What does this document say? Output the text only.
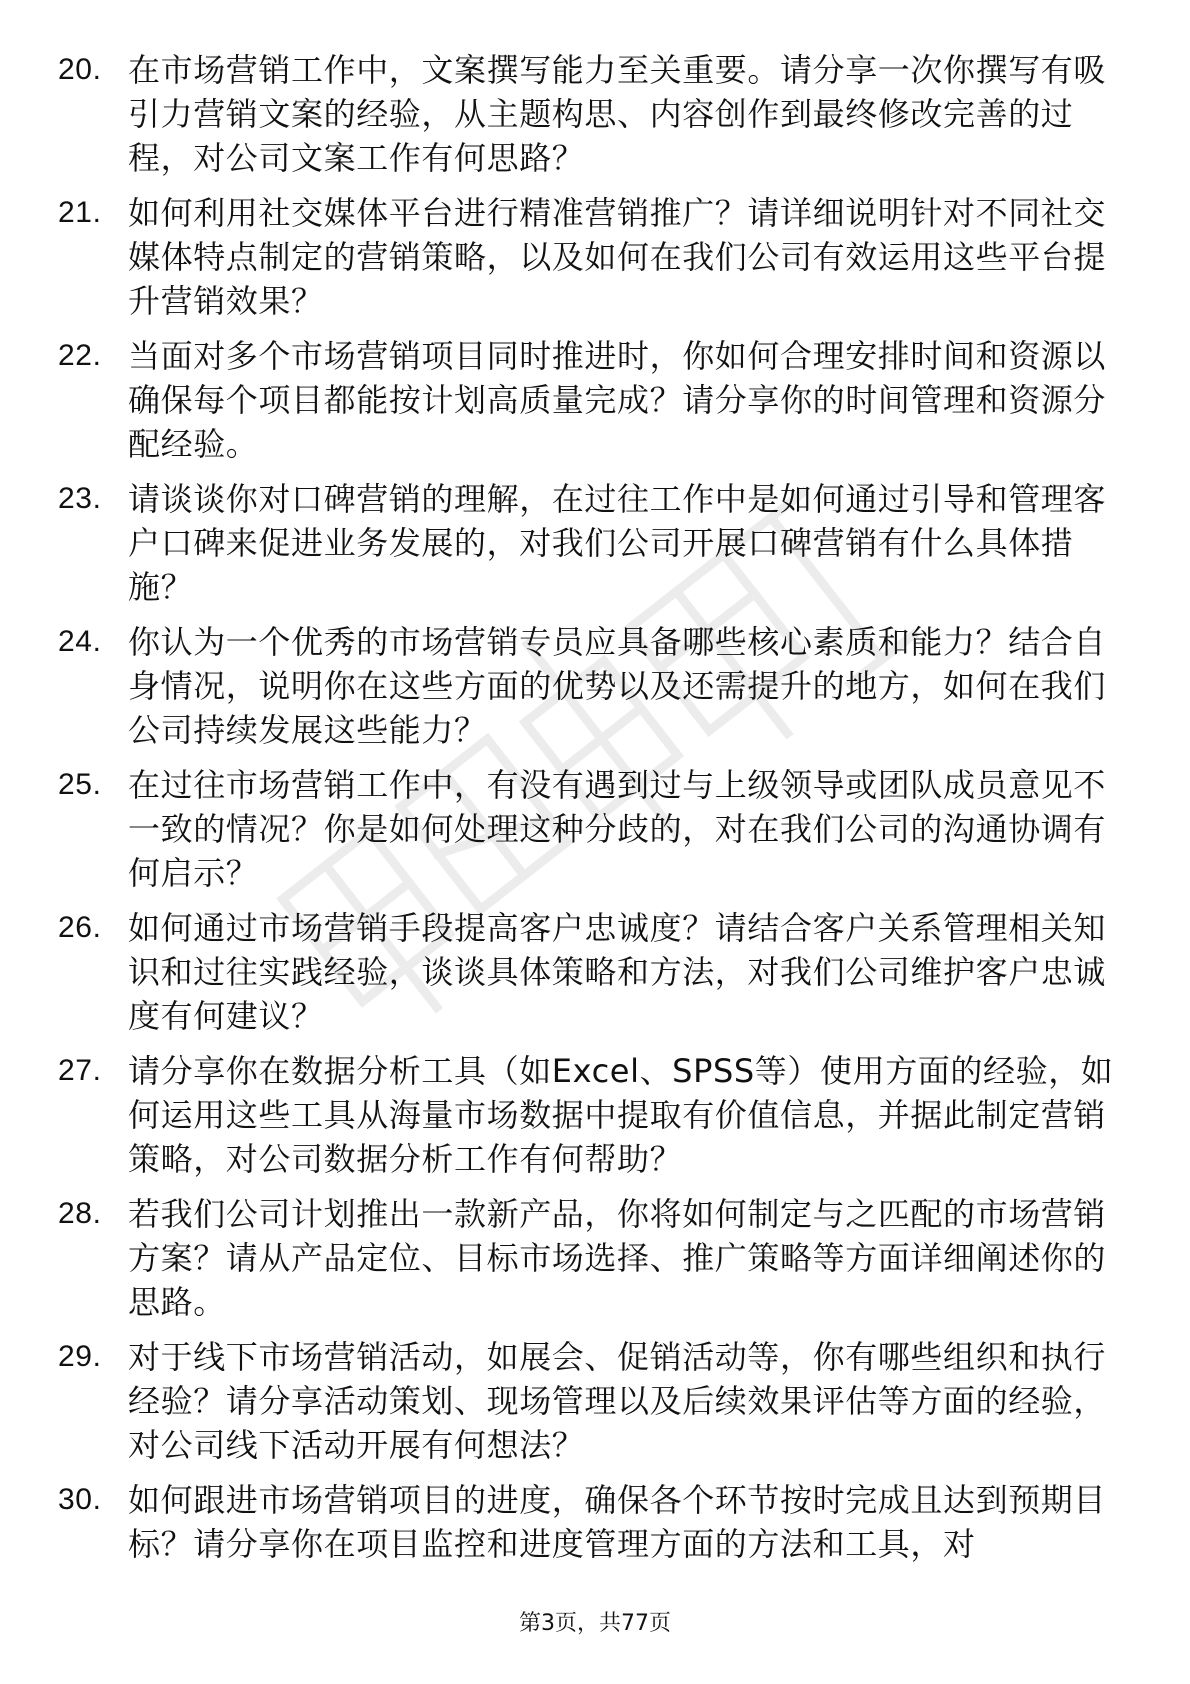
20. 在市场营销工作中，文案撰写能力至关重要。请分享一次你撰写有吸引力营销文案的经验，从主题构思、内容创作到最终修改完善的过程，对公司文案工作有何思路？
21. 如何利用社交媒体平台进行精准营销推广？请详细说明针对不同社交媒体特点制定的营销策略，以及如何在我们公司有效运用这些平台提升营销效果？
22. 当面对多个市场营销项目同时推进时，你如何合理安排时间和资源以确保每个项目都能按计划高质量完成？请分享你的时间管理和资源分配经验。
23. 请谈谈你对口碑营销的理解，在过往工作中是如何通过引导和管理客户口碑来促进业务发展的，对我们公司开展口碑营销有什么具体措施？
24. 你认为一个优秀的市场营销专员应具备哪些核心素质和能力？结合自身情况，说明你在这些方面的优势以及还需提升的地方，如何在我们公司持续发展这些能力？
25. 在过往市场营销工作中，有没有遇到过与上级领导或团队成员意见不一致的情况？你是如何处理这种分歧的，对在我们公司的沟通协调有何启示？
26. 如何通过市场营销手段提高客户忠诚度？请结合客户关系管理相关知识和过往实践经验，谈谈具体策略和方法，对我们公司维护客户忠诚度有何建议？
27. 请分享你在数据分析工具（如Excel、SPSS等）使用方面的经验，如何运用这些工具从海量市场数据中提取有价值信息，并据此制定营销策略，对公司数据分析工作有何帮助？
28. 若我们公司计划推出一款新产品，你将如何制定与之匹配的市场营销方案？请从产品定位、目标市场选择、推广策略等方面详细阐述你的思路。
29. 对于线下市场营销活动，如展会、促销活动等，你有哪些组织和执行经验？请分享活动策划、现场管理以及后续效果评估等方面的经验，对公司线下活动开展有何想法？
30. 如何跟进市场营销项目的进度，确保各个环节按时完成且达到预期目标？请分享你在项目监控和进度管理方面的方法和工具，对
第3页，共77页
